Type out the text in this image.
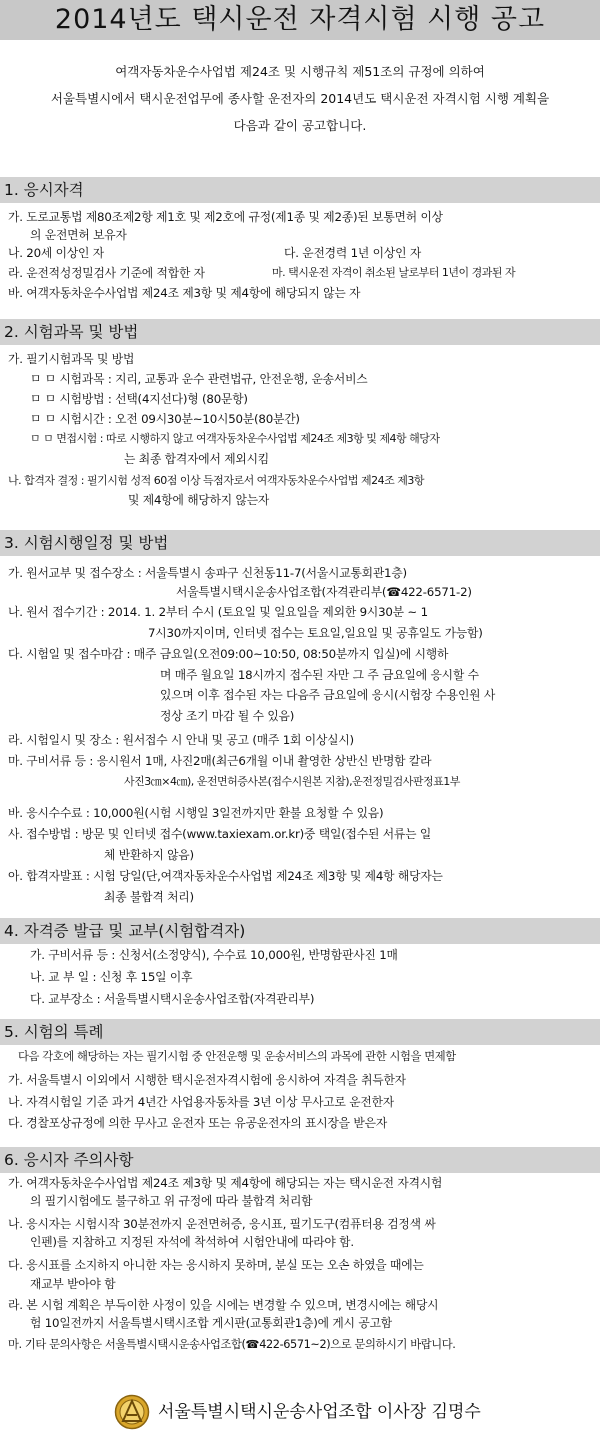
2014년도 택시운전 자격시험 시행 공고
여객자동차운수사업법 제24조 및 시행규칙 제51조의 규정에 의하여
서울특별시에서 택시운전업무에 종사할 운전자의 2014년도 택시운전 자격시험 시행 계획을
다음과 같이 공고합니다.
1. 응시자격
가. 도로교통법 제80조제2항 제1호 및 제2호에 규정(제1종 및 제2종)된 보통면허 이상
의 운전면허 보유자
나. 20세 이상인 자	다. 운전경력 1년 이상인 자
라. 운전적성정밀검사 기준에 적합한 자	마. 택시운전 자격이 취소된 날로부터 1년이 경과된 자
바. 여객자동차운수사업법 제24조 제3항 및 제4항에 해당되지 않는 자
2. 시험과목 및 방법
가. 필기시험과목 및 방법
ㅁ ㅁ 시험과목 : 지리, 교통과 운수 관련법규, 안전운행, 운송서비스
ㅁ ㅁ 시험방법 : 선택(4지선다)형 (80문항)
ㅁ ㅁ 시험시간 : 오전 09시30분~10시50분(80분간)
ㅁ ㅁ 면접시험 : 따로 시행하지 않고 여객자동차운수사업법 제24조 제3항 및 제4항 해당자
는 최종 합격자에서 제외시킴
나. 합격자 결정 : 필기시험 성적 60점 이상 득점자로서 여객자동차운수사업법 제24조 제3항
및 제4항에 해당하지 않는자
3. 시험시행일정 및 방법
가. 원서교부 및 접수장소 : 서울특별시 송파구 신천동11-7(서울시교통회관1층)
서울특별시택시운송사업조합(자격관리부(☎422-6571-2)
나. 원서 접수기간 : 2014. 1. 2부터 수시 (토요일 및 일요일을 제외한 9시30분 ~ 1
7시30까지이며, 인터넷 접수는 토요일,일요일 및 공휴일도 가능함)
다. 시험일 및 접수마감 : 매주 금요일(오전09:00~10:50, 08:50분까지 입실)에 시행하
며 매주 월요일 18시까지 접수된 자만 그 주 금요일에 응시할 수
있으며 이후 접수된 자는 다음주 금요일에 응시(시험장 수용인원 사
정상 조기 마감 될 수 있음)
라. 시험일시 및 장소 : 원서접수 시 안내 및 공고 (매주 1회 이상실시)
마. 구비서류 등 : 응시원서 1매, 사진2매(최근6개월 이내 촬영한 상반신 반명함 칼라
사진3㎝×4㎝), 운전면허증사본(접수시원본 지참),운전정밀검사판정표1부
바. 응시수수료 : 10,000원(시험 시행일 3일전까지만 환불 요청할 수 있음)
사. 접수방법 : 방문 및 인터넷 접수(www.taxiexam.or.kr)중 택일(접수된 서류는 일
체 반환하지 않음)
아. 합격자발표 : 시험 당일(단,여객자동차운수사업법 제24조 제3항 및 제4항 해당자는
최종 불합격 처리)
4. 자격증 발급 및 교부(시험합격자)
가. 구비서류 등 : 신청서(소정양식), 수수료 10,000원, 반명함판사진 1매
나. 교 부 일 : 신청 후 15일 이후
다. 교부장소 : 서울특별시택시운송사업조합(자격관리부)
5. 시험의 특례
다음 각호에 해당하는 자는 필기시험 중 안전운행 및 운송서비스의 과목에 관한 시험을 면제함
가. 서울특별시 이외에서 시행한 택시운전자격시험에 응시하여 자격을 취득한자
나. 자격시험일 기준 과거 4년간 사업용자동차를 3년 이상 무사고로 운전한자
다. 경찰포상규정에 의한 무사고 운전자 또는 유공운전자의 표시장을 받은자
6. 응시자 주의사항
가. 여객자동차운수사업법 제24조 제3항 및 제4항에 해당되는 자는 택시운전 자격시험
의 필기시험에도 불구하고 위 규정에 따라 불합격 처리함
나. 응시자는 시험시작 30분전까지 운전면허증, 응시표, 필기도구(컴퓨터용 검정색 싸
인펜)를 지참하고 지정된 자석에 착석하여 시험안내에 따라야 함.
다. 응시표를 소지하지 아니한 자는 응시하지 못하며, 분실 또는 오손 하였을 때에는
재교부 받아야 함
라. 본 시험 계획은 부득이한 사정이 있을 시에는 변경할 수 있으며, 변경시에는 해당시
험 10일전까지 서울특별시택시조합 게시판(교통회관1층)에 게시 공고함
마. 기타 문의사항은 서울특별시택시운송사업조합(☎422-6571~2)으로 문의하시기 바랍니다.
서울특별시택시운송사업조합 이사장 김명수
